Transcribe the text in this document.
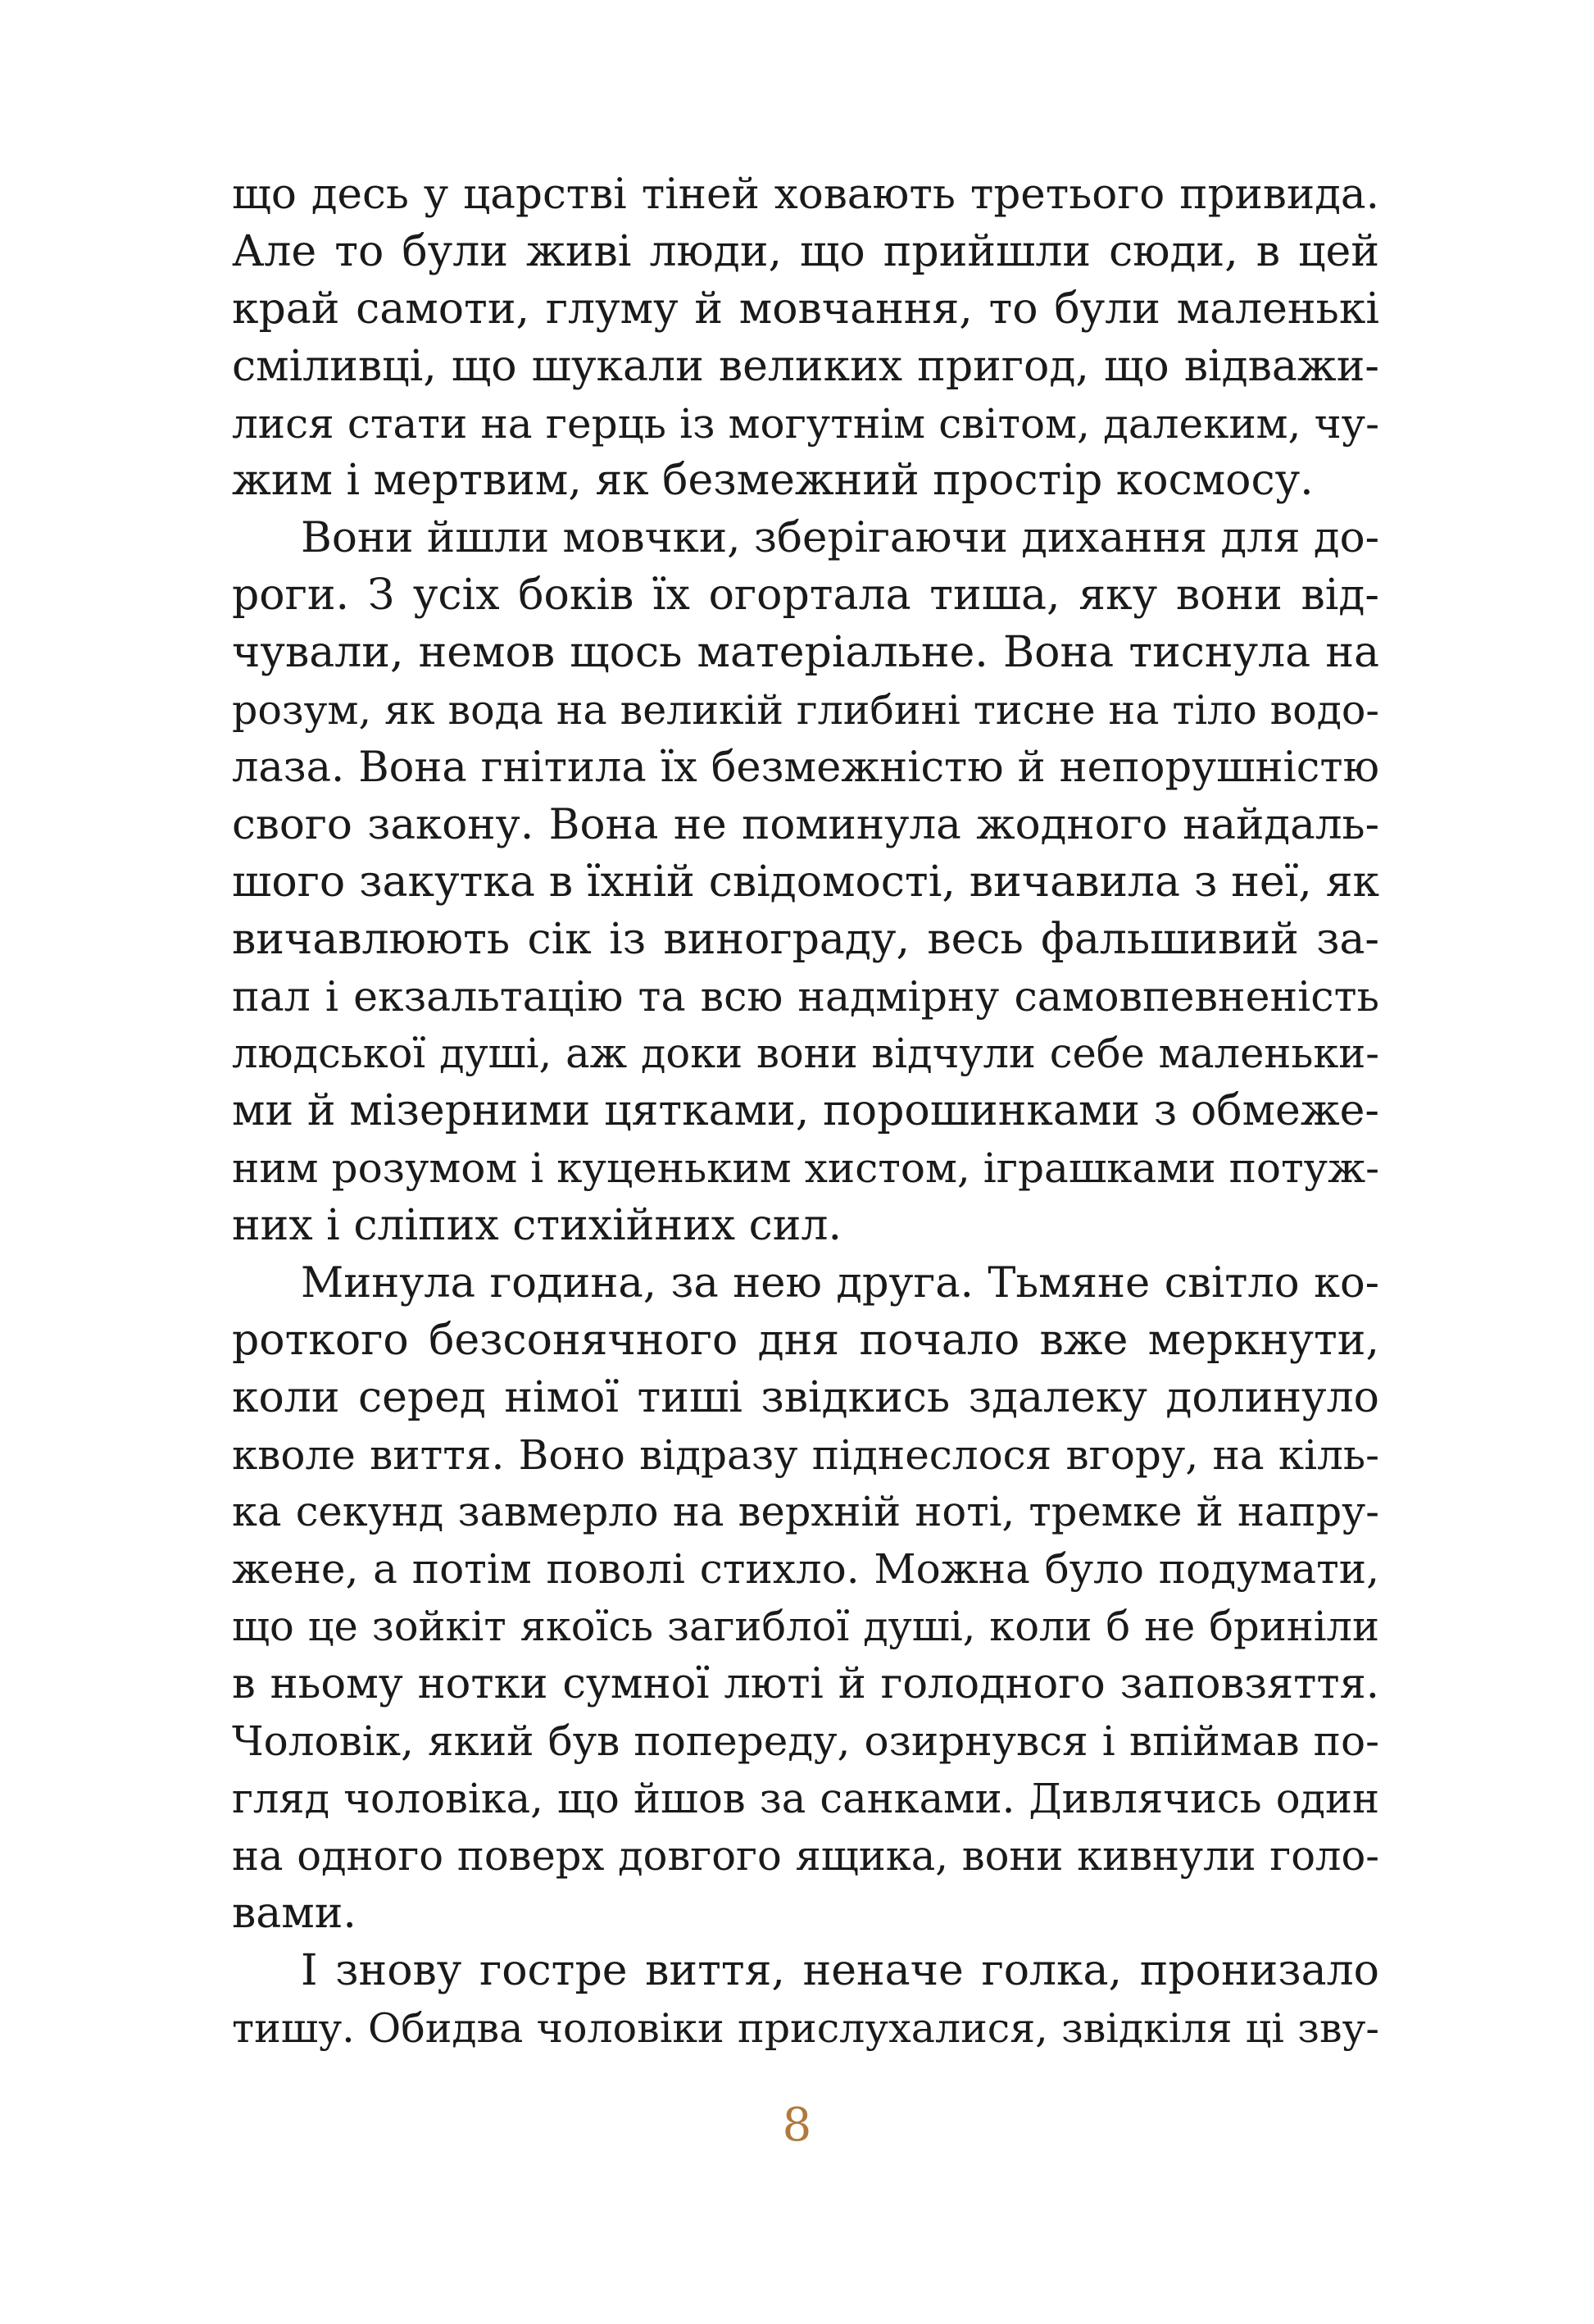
що десь у царстві тіней ховають третього привида.
Але то були живі люди, що прийшли сюди, в цей
край самоти, глуму й мовчання, то були маленькі
сміливці, що шукали великих пригод, що відважи-
лися стати на герць із могутнім світом, далеким, чу-
жим і мертвим, як безмежний простір космосу.
Вони йшли мовчки, зберігаючи дихання для до-
роги. З усіх боків їх огортала тиша, яку вони від-
чували, немов щось матеріальне. Вона тиснула на
розум, як вода на великій глибині тисне на тіло водо-
лаза. Вона гнітила їх безмежністю й непорушністю
свого закону. Вона не поминула жодного найдаль-
шого закутка в їхній свідомості, вичавила з неї, як
вичавлюють сік із винограду, весь фальшивий за-
пал і екзальтацію та всю надмірну самовпевненість
людської душі, аж доки вони відчули себе маленьки-
ми й мізерними цятками, порошинками з обмеже-
ним розумом і куценьким хистом, іграшками потуж-
них і сліпих стихійних сил.
Минула година, за нею друга. Тьмяне світло ко-
роткого безсонячного дня почало вже меркнути,
коли серед німої тиші звідкись здалеку долинуло
кволе виття. Воно відразу піднеслося вгору, на кіль-
ка секунд завмерло на верхній ноті, тремке й напру-
жене, а потім поволі стихло. Можна було подумати,
що це зойкіт якоїсь загиблої душі, коли б не бриніли
в ньому нотки сумної люті й голодного заповзяття.
Чоловік, який був попереду, озирнувся і впіймав по-
гляд чоловіка, що йшов за санками. Дивлячись один
на одного поверх довгого ящика, вони кивнули голо-
вами.
І знову гостре виття, неначе голка, пронизало
тишу. Обидва чоловіки прислухалися, звідкіля ці зву-
8
